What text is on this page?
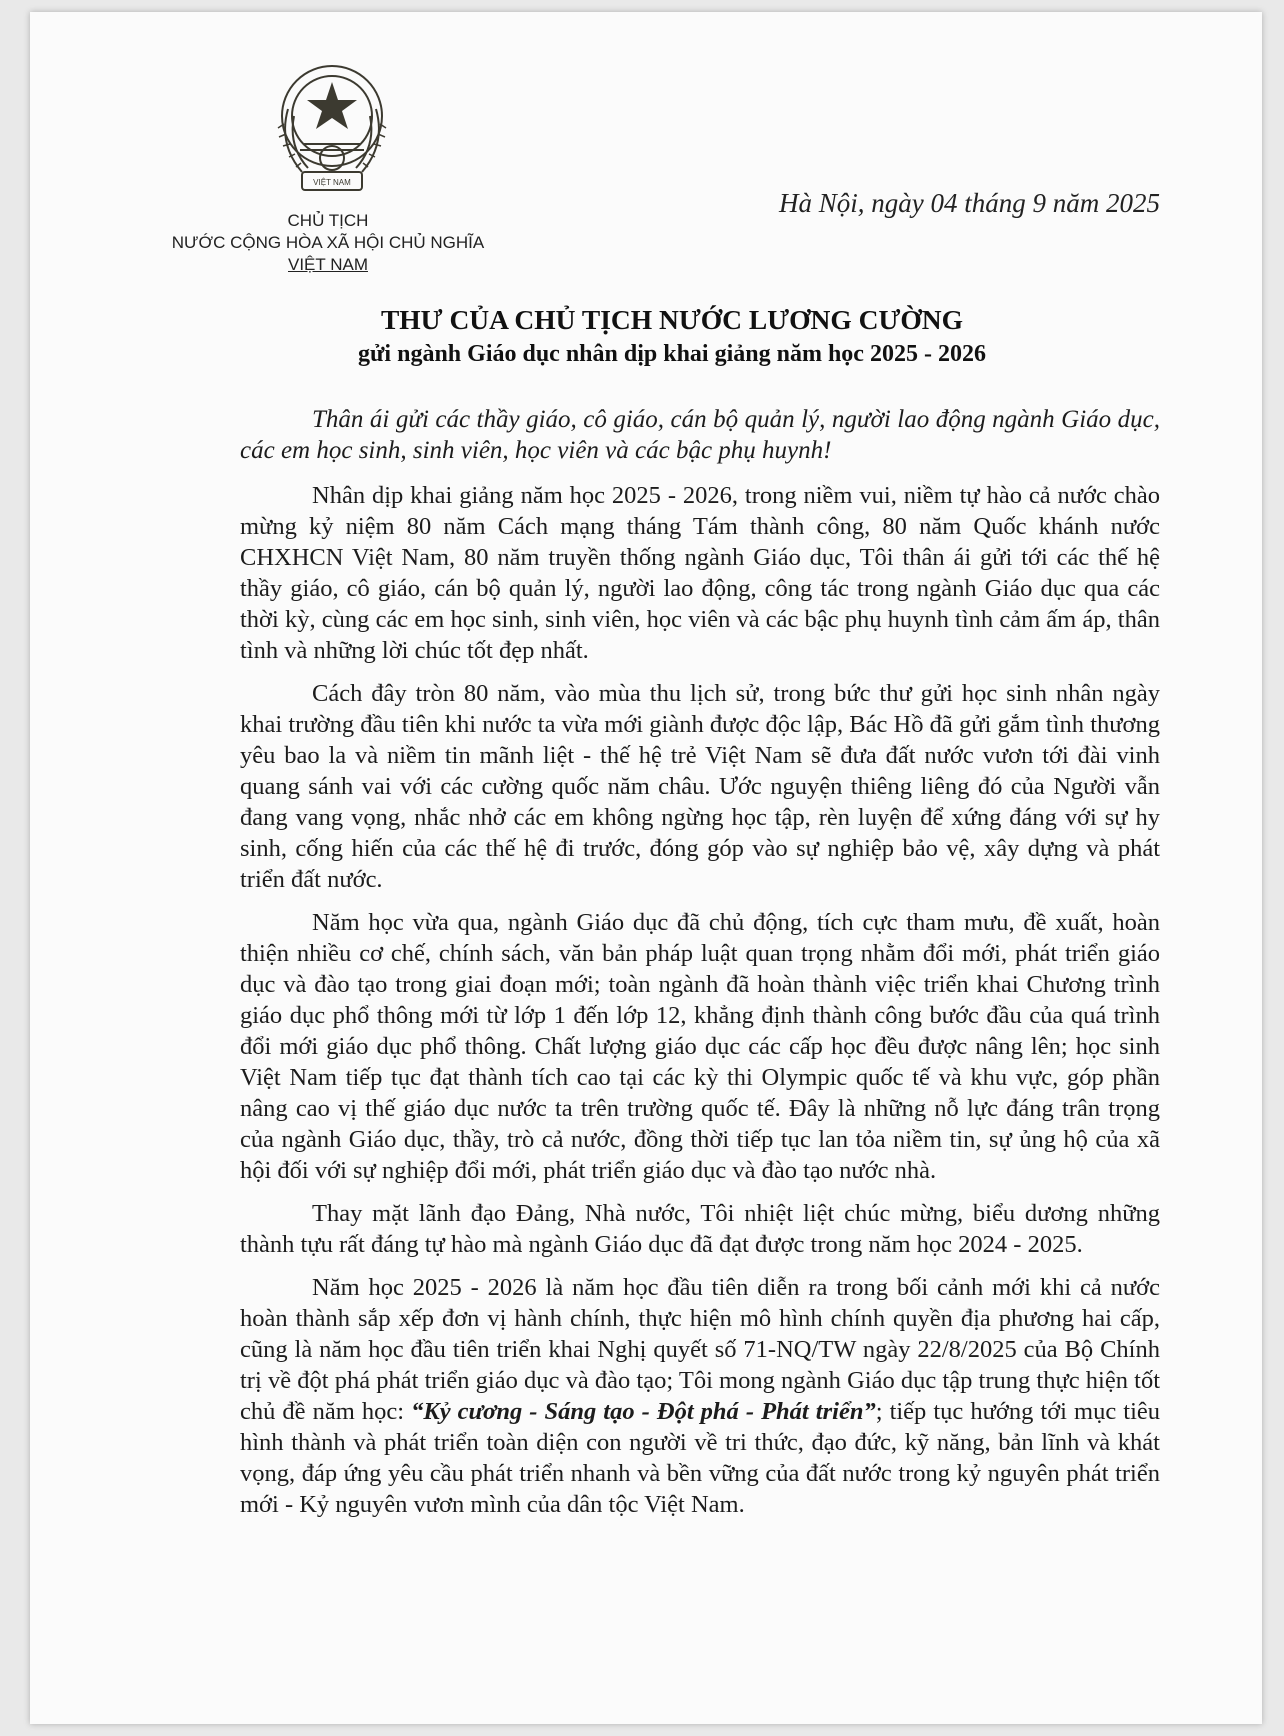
VIỆT NAM
CHỦ TỊCH
NƯỚC CỘNG HÒA XÃ HỘI CHỦ NGHĨA
VIỆT NAM
Hà Nội, ngày 04 tháng 9 năm 2025
THƯ CỦA CHỦ TỊCH NƯỚC LƯƠNG CƯỜNG
gửi ngành Giáo dục nhân dịp khai giảng năm học 2025 - 2026

Thân ái gửi các thầy giáo, cô giáo, cán bộ quản lý, người lao động ngành Giáo dục, các em học sinh, sinh viên, học viên và các bậc phụ huynh!

Nhân dịp khai giảng năm học 2025 - 2026, trong niềm vui, niềm tự hào cả nước chào mừng kỷ niệm 80 năm Cách mạng tháng Tám thành công, 80 năm Quốc khánh nước CHXHCN Việt Nam, 80 năm truyền thống ngành Giáo dục, Tôi thân ái gửi tới các thế hệ thầy giáo, cô giáo, cán bộ quản lý, người lao động, công tác trong ngành Giáo dục qua các thời kỳ, cùng các em học sinh, sinh viên, học viên và các bậc phụ huynh tình cảm ấm áp, thân tình và những lời chúc tốt đẹp nhất.

Cách đây tròn 80 năm, vào mùa thu lịch sử, trong bức thư gửi học sinh nhân ngày khai trường đầu tiên khi nước ta vừa mới giành được độc lập, Bác Hồ đã gửi gắm tình thương yêu bao la và niềm tin mãnh liệt - thế hệ trẻ Việt Nam sẽ đưa đất nước vươn tới đài vinh quang sánh vai với các cường quốc năm châu. Ước nguyện thiêng liêng đó của Người vẫn đang vang vọng, nhắc nhở các em không ngừng học tập, rèn luyện để xứng đáng với sự hy sinh, cống hiến của các thế hệ đi trước, đóng góp vào sự nghiệp bảo vệ, xây dựng và phát triển đất nước.

Năm học vừa qua, ngành Giáo dục đã chủ động, tích cực tham mưu, đề xuất, hoàn thiện nhiều cơ chế, chính sách, văn bản pháp luật quan trọng nhằm đổi mới, phát triển giáo dục và đào tạo trong giai đoạn mới; toàn ngành đã hoàn thành việc triển khai Chương trình giáo dục phổ thông mới từ lớp 1 đến lớp 12, khẳng định thành công bước đầu của quá trình đổi mới giáo dục phổ thông. Chất lượng giáo dục các cấp học đều được nâng lên; học sinh Việt Nam tiếp tục đạt thành tích cao tại các kỳ thi Olympic quốc tế và khu vực, góp phần nâng cao vị thế giáo dục nước ta trên trường quốc tế. Đây là những nỗ lực đáng trân trọng của ngành Giáo dục, thầy, trò cả nước, đồng thời tiếp tục lan tỏa niềm tin, sự ủng hộ của xã hội đối với sự nghiệp đổi mới, phát triển giáo dục và đào tạo nước nhà.

Thay mặt lãnh đạo Đảng, Nhà nước, Tôi nhiệt liệt chúc mừng, biểu dương những thành tựu rất đáng tự hào mà ngành Giáo dục đã đạt được trong năm học 2024 - 2025.

Năm học 2025 - 2026 là năm học đầu tiên diễn ra trong bối cảnh mới khi cả nước hoàn thành sắp xếp đơn vị hành chính, thực hiện mô hình chính quyền địa phương hai cấp, cũng là năm học đầu tiên triển khai Nghị quyết số 71-NQ/TW ngày 22/8/2025 của Bộ Chính trị về đột phá phát triển giáo dục và đào tạo; Tôi mong ngành Giáo dục tập trung thực hiện tốt chủ đề năm học: “Kỷ cương - Sáng tạo - Đột phá - Phát triển”; tiếp tục hướng tới mục tiêu hình thành và phát triển toàn diện con người về tri thức, đạo đức, kỹ năng, bản lĩnh và khát vọng, đáp ứng yêu cầu phát triển nhanh và bền vững của đất nước trong kỷ nguyên phát triển mới - Kỷ nguyên vươn mình của dân tộc Việt Nam.
